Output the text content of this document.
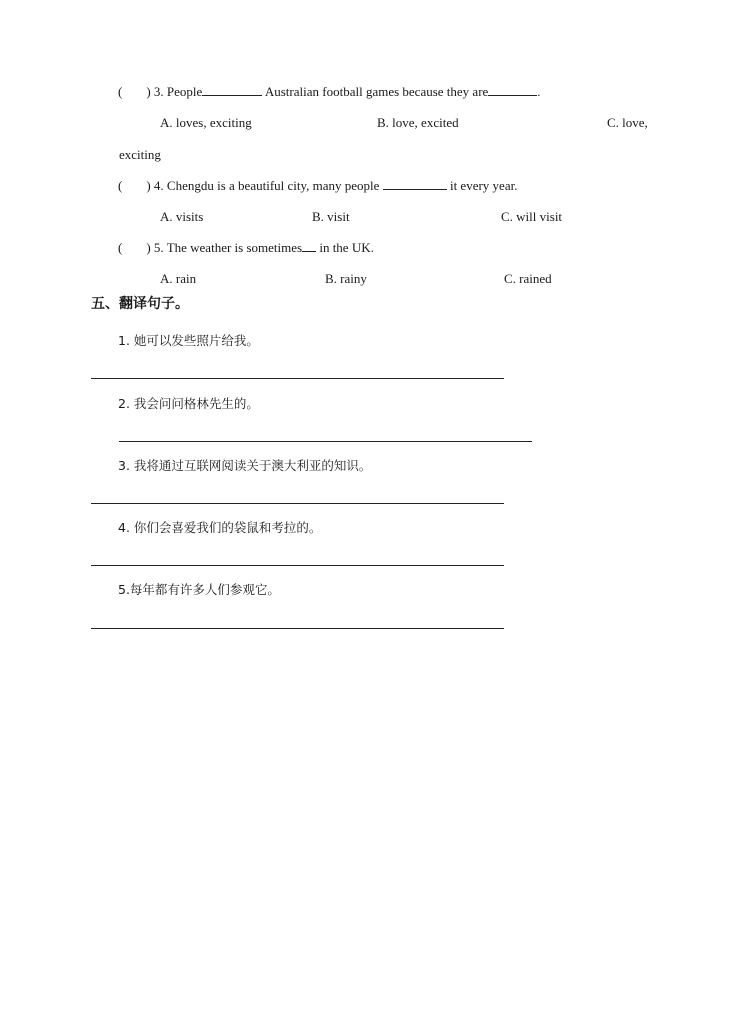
( ) 3. People	Australian football games because they are	.
A. loves, exciting	B. love, excited	C. love,
exciting
( ) 4. Chengdu is a beautiful city, many people	it every year.
A. visits	B. visit	C. will visit
( ) 5. The weather is sometimes in the UK.
A. rain	B. rainy	C. rained
五、翻译句子。
1. 她可以发些照片给我。
2. 我会问问格林先生的。
3. 我将通过互联网阅读关于澳大利亚的知识。
4. 你们会喜爱我们的袋鼠和考拉的。
5.每年都有许多人们参观它。
